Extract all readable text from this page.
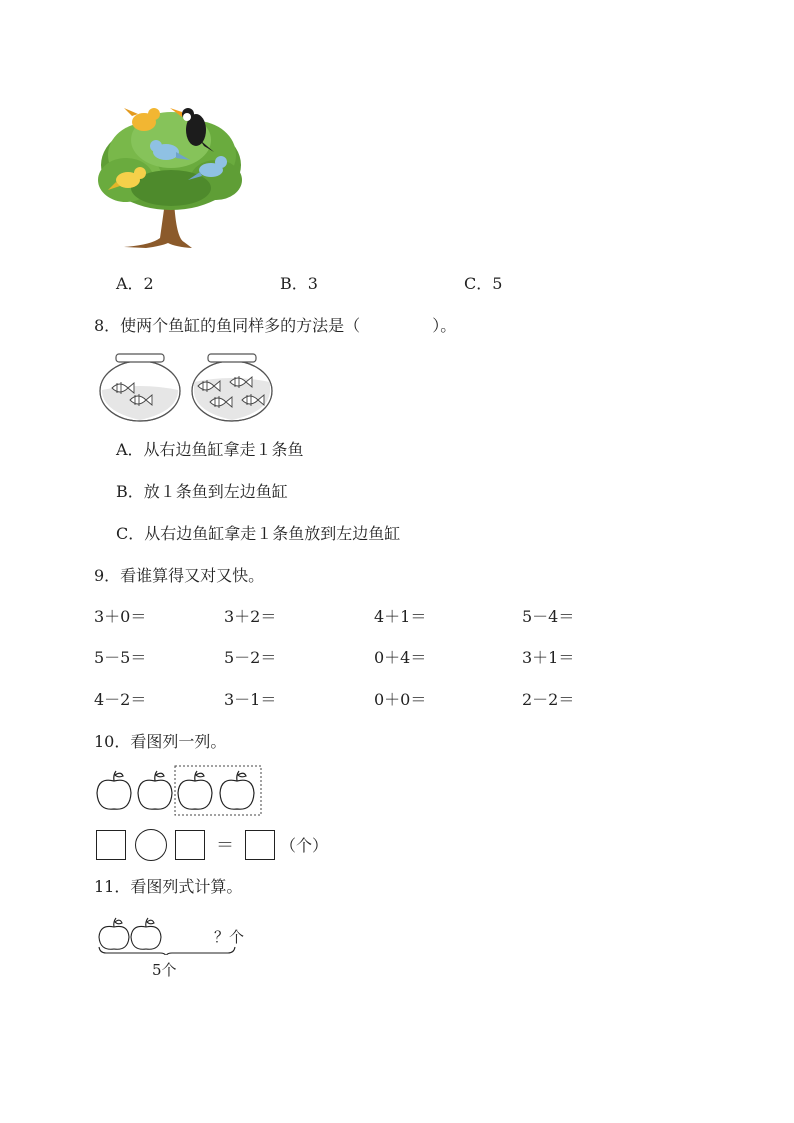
A．2	B．3	C．5
8．使两个鱼缸的鱼同样多的方法是（	）。
A．从右边鱼缸拿走１条鱼
B．放１条鱼到左边鱼缸
C．从右边鱼缸拿走１条鱼放到左边鱼缸
9．看谁算得又对又快。
3＋0＝	3＋2＝	4＋1＝	5－4＝
5－5＝	5－2＝	0＋4＝	3＋1＝
4－2＝	3－1＝	0＋0＝	2－2＝
10．看图列一列。
＝	（个）
11．看图列式计算。
？个
5个
